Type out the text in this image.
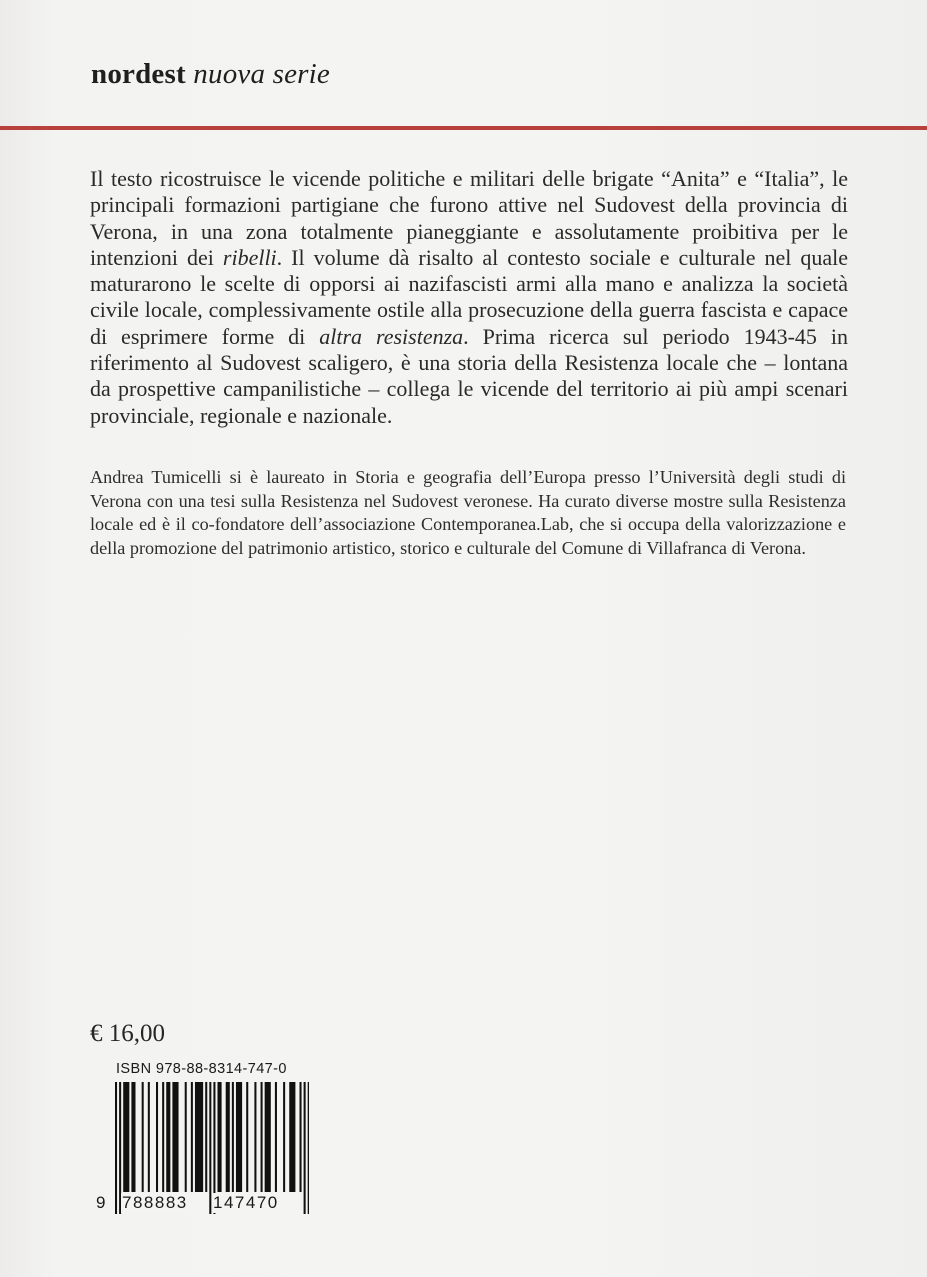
nordest nuova serie

Il testo ricostruisce le vicende politiche e militari delle brigate “Anita” e “Italia”, le principali formazioni partigiane che furono attive nel Sudovest della provincia di Verona, in una zona totalmente pianeggiante e assolutamente proibitiva per le intenzioni dei ribelli. Il volume dà risalto al contesto sociale e culturale nel quale maturarono le scelte di opporsi ai nazifascisti armi alla mano e analizza la società civile locale, complessivamente ostile alla prosecuzione della guerra fascista e capace di esprimere forme di altra resistenza. Prima ricerca sul periodo 1943-45 in riferimento al Sudovest scaligero, è una storia della Resistenza locale che – lontana da prospettive campanilistiche – collega le vicende del territorio ai più ampi scenari provinciale, regionale e nazionale.

Andrea Tumicelli si è laureato in Storia e geografia dell’Europa presso l’Università degli studi di Verona con una tesi sulla Resistenza nel Sudovest veronese. Ha curato diverse mostre sulla Resistenza locale ed è il co-fondatore dell’associazione Contemporanea.Lab, che si occupa della valorizzazione e della promozione del patrimonio artistico, storico e culturale del Comune di Villafranca di Verona.

€ 16,00
ISBN 978-88-8314-747-0
9 788883 147470
